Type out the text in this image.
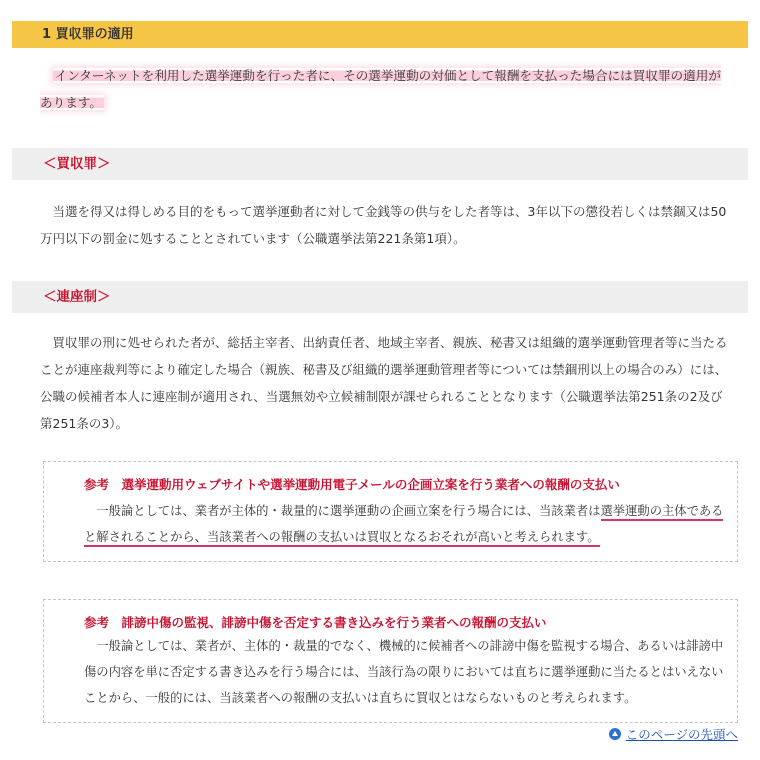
1 買収罪の適用
　インターネットを利用した選挙運動を行った者に、その選挙運動の対価として報酬を支払った場合には買収罪の適用があります。
＜買収罪＞
　当選を得又は得しめる目的をもって選挙運動者に対して金銭等の供与をした者等は、3年以下の懲役若しくは禁錮又は50万円以下の罰金に処することとされています（公職選挙法第221条第1項）。
＜連座制＞
　買収罪の刑に処せられた者が、総括主宰者、出納責任者、地域主宰者、親族、秘書又は組織的選挙運動管理者等に当たることが連座裁判等により確定した場合（親族、秘書及び組織的選挙運動管理者等については禁錮刑以上の場合のみ）には、公職の候補者本人に連座制が適用され、当選無効や立候補制限が課せられることとなります（公職選挙法第251条の2及び第251条の3）。
参考　選挙運動用ウェブサイトや選挙運動用電子メールの企画立案を行う業者への報酬の支払い
　一般論としては、業者が主体的・裁量的に選挙運動の企画立案を行う場合には、当該業者は選挙運動の主体であると解されることから、当該業者への報酬の支払いは買収となるおそれが高いと考えられます。
参考　誹謗中傷の監視、誹謗中傷を否定する書き込みを行う業者への報酬の支払い
　一般論としては、業者が、主体的・裁量的でなく、機械的に候補者への誹謗中傷を監視する場合、あるいは誹謗中傷の内容を単に否定する書き込みを行う場合には、当該行為の限りにおいては直ちに選挙運動に当たるとはいえないことから、一般的には、当該業者への報酬の支払いは直ちに買収とはならないものと考えられます。
このページの先頭へ
